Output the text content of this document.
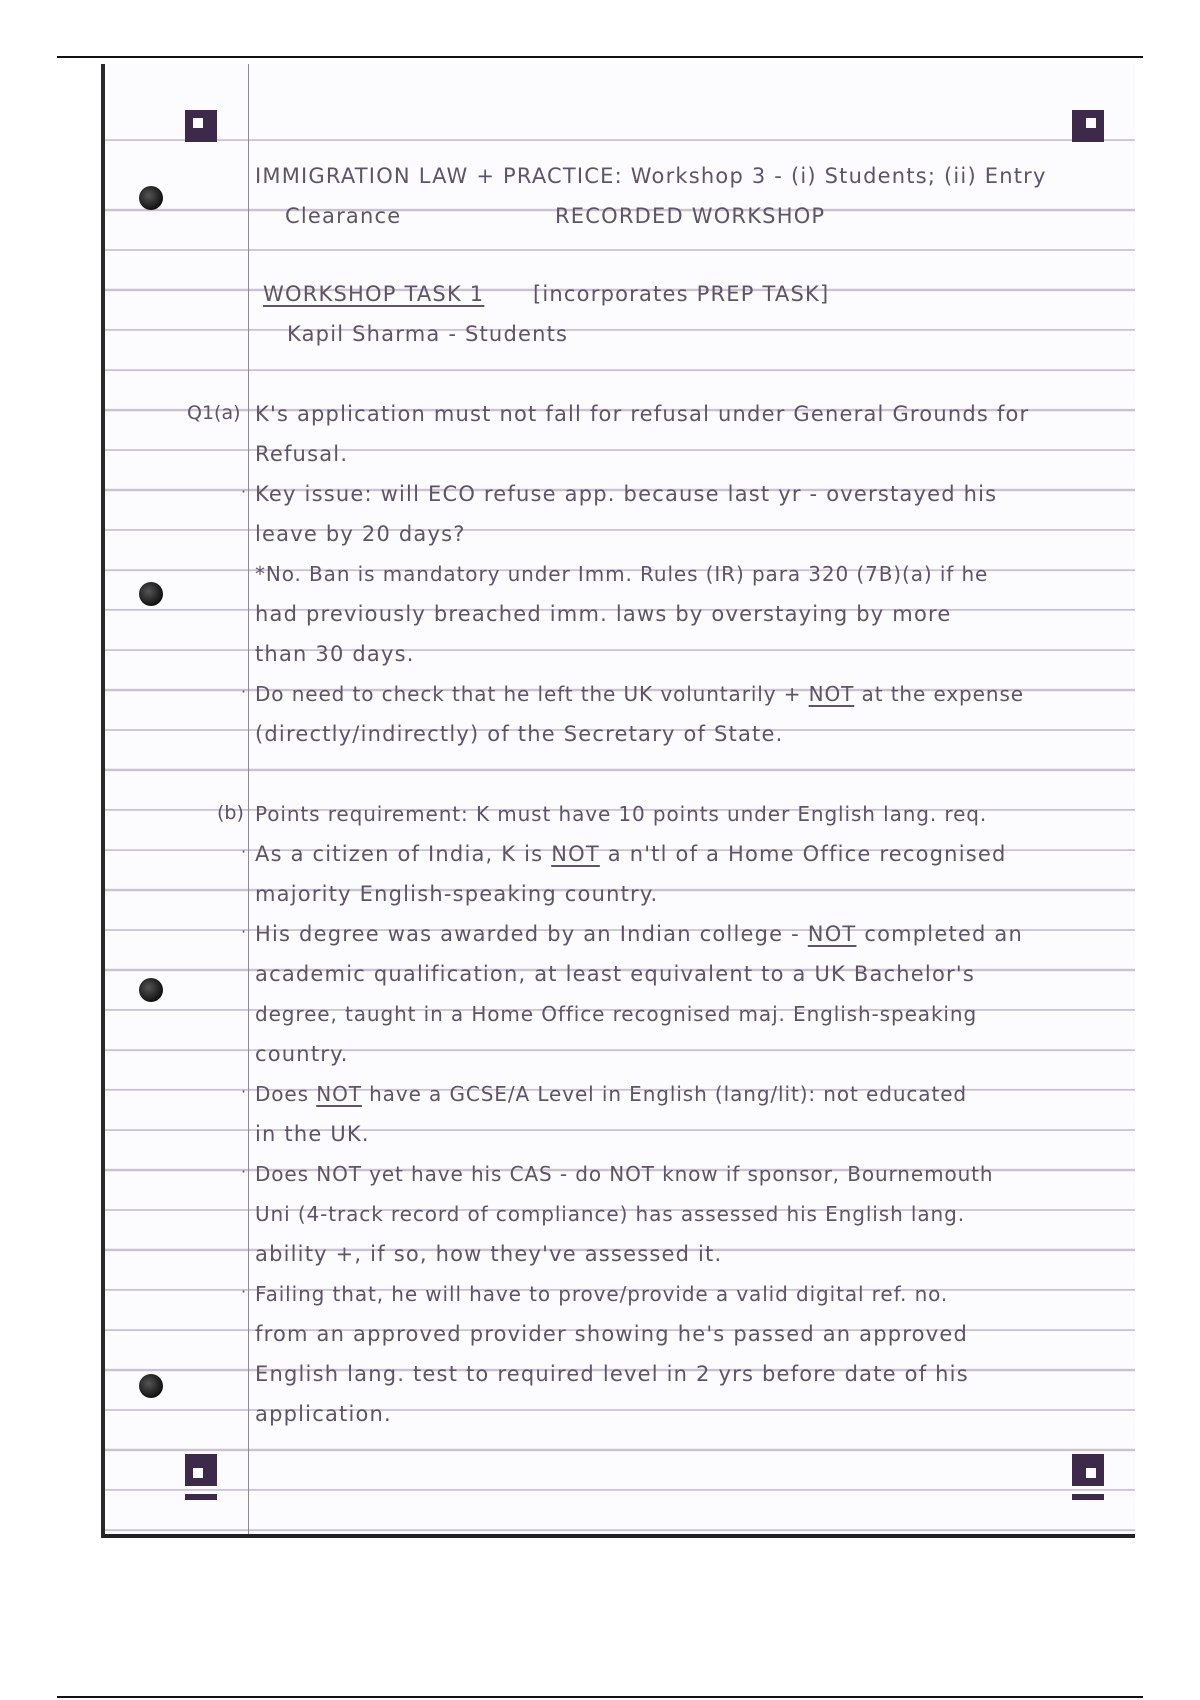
IMMIGRATION LAW + PRACTICE: Workshop 3 - (i) Students; (ii) Entry
Clearance	RECORDED WORKSHOP
WORKSHOP TASK 1 [incorporates PREP TASK]
Kapil Sharma - Students
Q1(a) K's application must not fall for refusal under General Grounds for
Refusal.
· Key issue: will ECO refuse app. because last yr - overstayed his
leave by 20 days?
*No. Ban is mandatory under Imm. Rules (IR) para 320 (7B)(a) if he
had previously breached imm. laws by overstaying by more
than 30 days.
· Do need to check that he left the UK voluntarily + NOT at the expense
(directly/indirectly) of the Secretary of State.
(b) Points requirement: K must have 10 points under English lang. req.
· As a citizen of India, K is NOT a n'tl of a Home Office recognised
majority English-speaking country.
· His degree was awarded by an Indian college - NOT completed an
academic qualification, at least equivalent to a UK Bachelor's
degree, taught in a Home Office recognised maj. English-speaking
country.
· Does NOT have a GCSE/A Level in English (lang/lit): not educated
in the UK.
· Does NOT yet have his CAS - do NOT know if sponsor, Bournemouth
Uni (4-track record of compliance) has assessed his English lang.
ability +, if so, how they've assessed it.
· Failing that, he will have to prove/provide a valid digital ref. no.
from an approved provider showing he's passed an approved
English lang. test to required level in 2 yrs before date of his
application.
